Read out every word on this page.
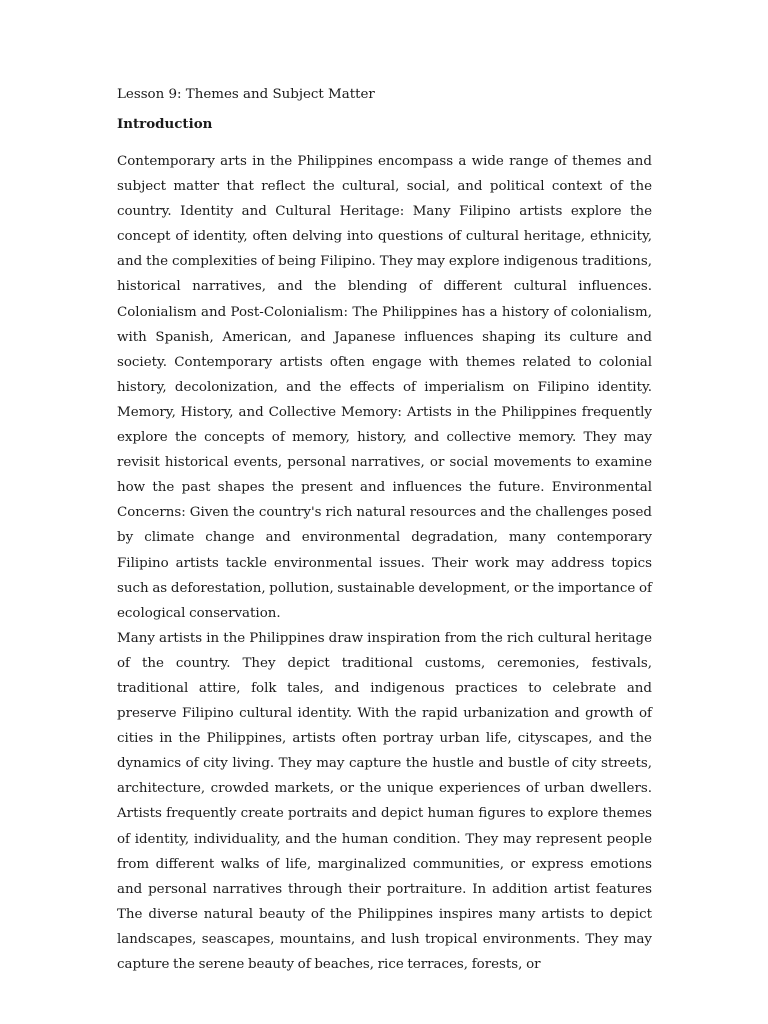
Lesson 9: Themes and Subject Matter
Introduction

Contemporary arts in the Philippines encompass a wide range of themes and subject matter that reflect the cultural, social, and political context of the country. Identity and Cultural Heritage: Many Filipino artists explore the concept of identity, often delving into questions of cultural heritage, ethnicity, and the complexities of being Filipino. They may explore indigenous traditions, historical narratives, and the blending of different cultural influences. Colonialism and Post-Colonialism: The Philippines has a history of colonialism, with Spanish, American, and Japanese influences shaping its culture and society. Contemporary artists often engage with themes related to colonial history, decolonization, and the effects of imperialism on Filipino identity. Memory, History, and Collective Memory: Artists in the Philippines frequently explore the concepts of memory, history, and collective memory. They may revisit historical events, personal narratives, or social movements to examine how the past shapes the present and influences the future. Environmental Concerns: Given the country's rich natural resources and the challenges posed by climate change and environmental degradation, many contemporary Filipino artists tackle environmental issues. Their work may address topics such as deforestation, pollution, sustainable development, or the importance of ecological conservation.

Many artists in the Philippines draw inspiration from the rich cultural heritage of the country. They depict traditional customs, ceremonies, festivals, traditional attire, folk tales, and indigenous practices to celebrate and preserve Filipino cultural identity. With the rapid urbanization and growth of cities in the Philippines, artists often portray urban life, cityscapes, and the dynamics of city living. They may capture the hustle and bustle of city streets, architecture, crowded markets, or the unique experiences of urban dwellers. Artists frequently create portraits and depict human figures to explore themes of identity, individuality, and the human condition. They may represent people from different walks of life, marginalized communities, or express emotions and personal narratives through their portraiture. In addition artist features The diverse natural beauty of the Philippines inspires many artists to depict landscapes, seascapes, mountains, and lush tropical environments. They may capture the serene beauty of beaches, rice terraces, forests, or
